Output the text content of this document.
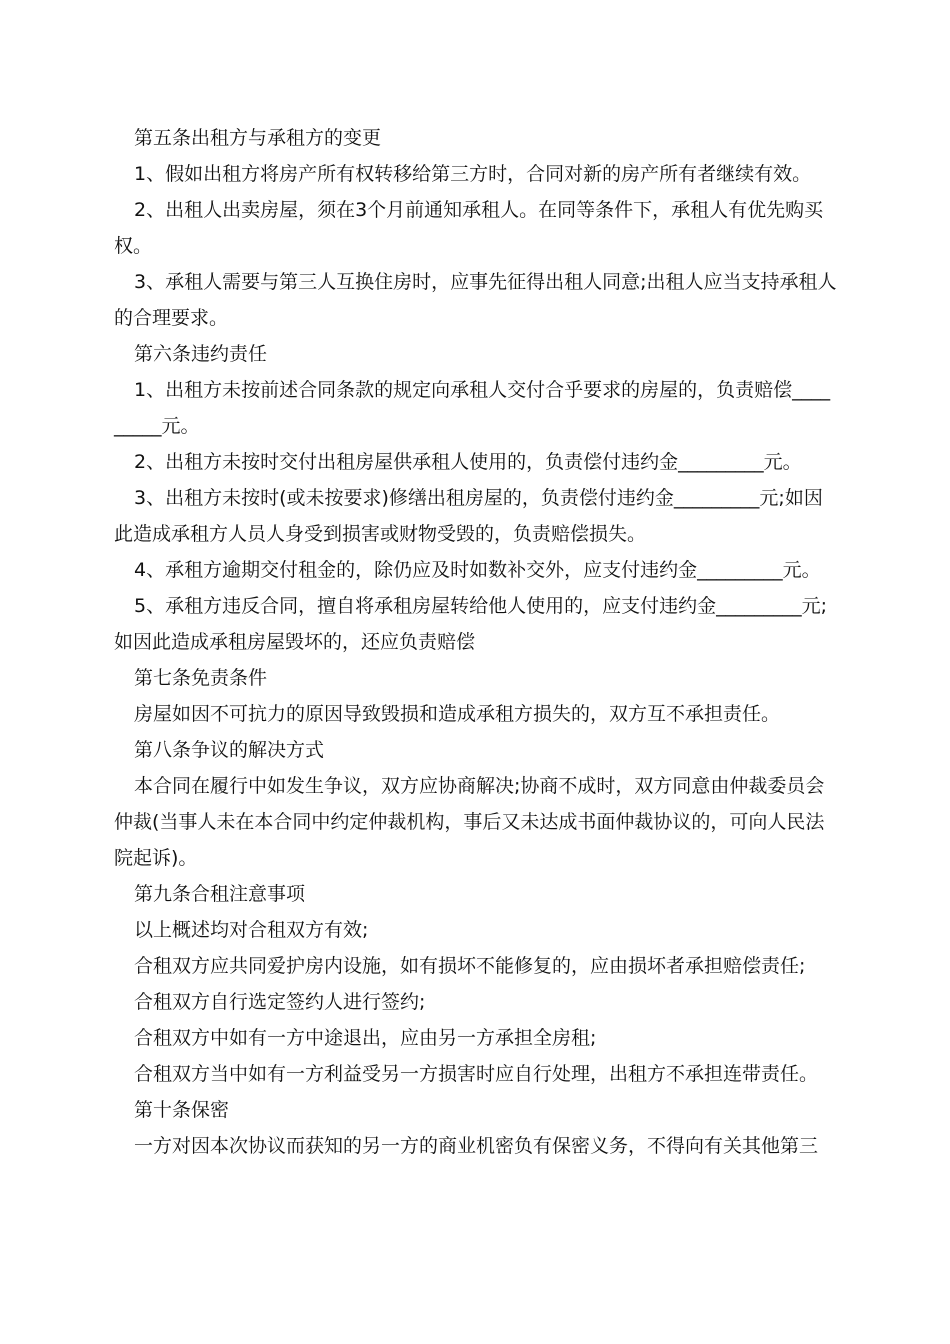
第五条出租方与承租方的变更

1、假如出租方将房产所有权转移给第三方时，合同对新的房产所有者继续有效。

2、出租人出卖房屋，须在3个月前通知承租人。在同等条件下，承租人有优先购买权。

3、承租人需要与第三人互换住房时，应事先征得出租人同意;出租人应当支持承租人的合理要求。

第六条违约责任

1、出租方未按前述合同条款的规定向承租人交付合乎要求的房屋的，负责赔偿_________元。

2、出租方未按时交付出租房屋供承租人使用的，负责偿付违约金_________元。

3、出租方未按时(或未按要求)修缮出租房屋的，负责偿付违约金_________元;如因此造成承租方人员人身受到损害或财物受毁的，负责赔偿损失。

4、承租方逾期交付租金的，除仍应及时如数补交外，应支付违约金_________元。

5、承租方违反合同，擅自将承租房屋转给他人使用的，应支付违约金_________元;如因此造成承租房屋毁坏的，还应负责赔偿

第七条免责条件

房屋如因不可抗力的原因导致毁损和造成承租方损失的，双方互不承担责任。

第八条争议的解决方式

本合同在履行中如发生争议，双方应协商解决;协商不成时，双方同意由仲裁委员会仲裁(当事人未在本合同中约定仲裁机构，事后又未达成书面仲裁协议的，可向人民法院起诉)。

第九条合租注意事项

以上概述均对合租双方有效;

合租双方应共同爱护房内设施，如有损坏不能修复的，应由损坏者承担赔偿责任;

合租双方自行选定签约人进行签约;

合租双方中如有一方中途退出，应由另一方承担全房租;

合租双方当中如有一方利益受另一方损害时应自行处理，出租方不承担连带责任。

第十条保密

一方对因本次协议而获知的另一方的商业机密负有保密义务，不得向有关其他第三
